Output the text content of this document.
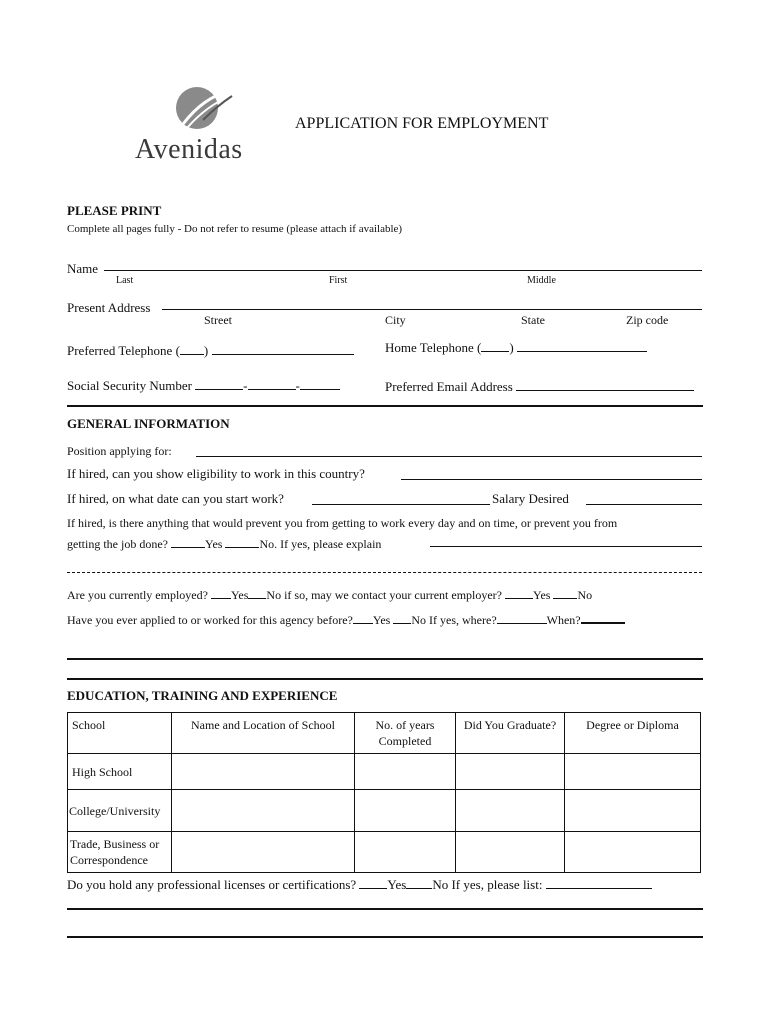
Avenidas
APPLICATION FOR EMPLOYMENT
PLEASE PRINT
Complete all pages fully - Do not refer to resume (please attach if available)
Name
Last	First	Middle
Present Address
Street	City	State	Zip code
Preferred Telephone ( )	Home Telephone ( )
Social Security Number	-	-	Preferred Email Address
GENERAL INFORMATION
Position applying for:
If hired, can you show eligibility to work in this country?
If hired, on what date can you start work?	Salary Desired
If hired, is there anything that would prevent you from getting to work every day and on time, or prevent you from
getting the job done?	Yes	No. If yes, please explain
Are you currently employed? Yes No if so, may we contact your current employer?	Yes No
Have you ever applied to or worked for this agency before? Yes No If yes, where?	When?
EDUCATION, TRAINING AND EXPERIENCE
School	Name and Location of School	No. of years Completed	Did You Graduate?	Degree or Diploma
High School				
College/University				
Trade, Business or Correspondence				
Do you hold any professional licenses or certifications? Yes No If yes, please list:
